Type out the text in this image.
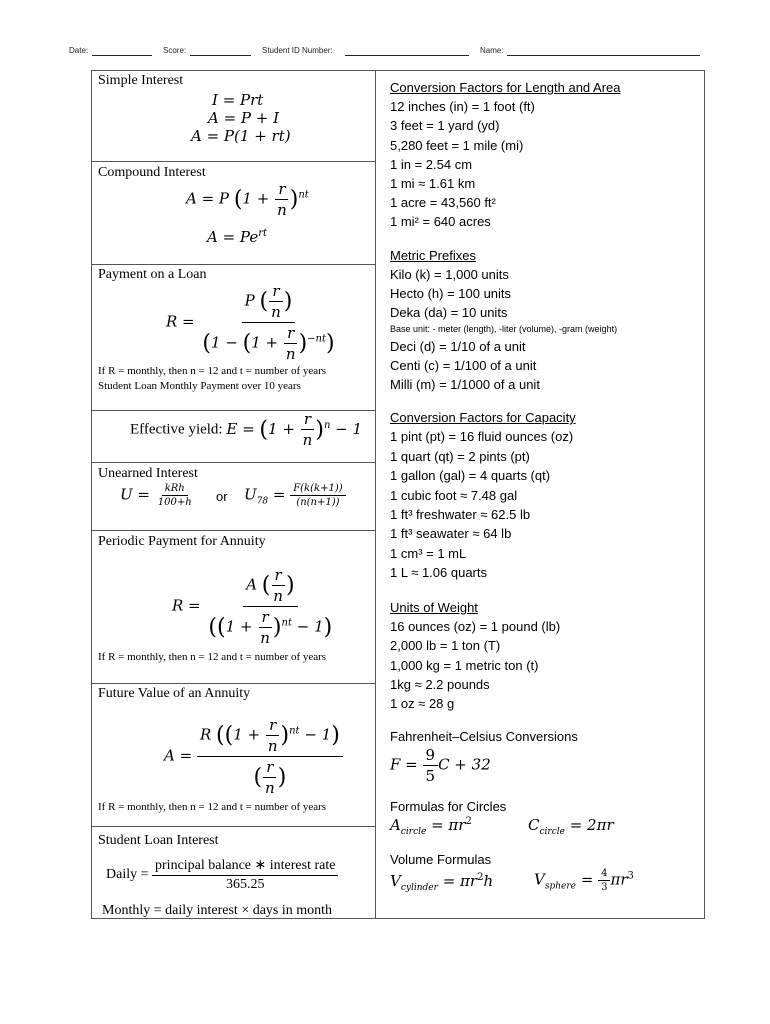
Date:	Score:	Student ID Number:	Name:
Simple Interest
I = Prt
A = P + I
A = P(1 + rt)
Compound Interest
A = P $(1 + \frac{r}{n} )^{nt}$
$A = Pe^{rt}$
Payment on a Loan
$R = \frac{P ( \frac{r}{n} )}{(1 - (1 + \frac{r}{n} )^{-nt})}$
If R = monthly, then n = 12 and t = number of years
Student Loan Monthly Payment over 10 years
Effective yield: $E = (1 + \frac{r}{n} )^n - 1$
Unearned Interest
$U = \frac{\text{kRh}}{100+h}$ or $U_{78} = \frac{F(k(k+1))}{(n(n+1))}$
Periodic Payment for Annuity
$R = \frac{A ( \frac{r}{n} )}{((1 + \frac{r}{n} )^{nt} - 1)}$
If R = monthly, then n = 12 and t = number of years
Future Value of an Annuity
$A = \frac{R ((1 + \frac{r}{n} )^{nt} - 1)}{( \frac{r}{n} )}$
If R = monthly, then n = 12 and t = number of years
Student Loan Interest
Daily = $\frac{\text{principal balance ∗ interest rate}}{365.25}$
Monthly = daily interest × days in month
Conversion Factors for Length and Area
12 inches (in) = 1 foot (ft)
3 feet = 1 yard (yd)
5,280 feet = 1 mile (mi)
1 in = 2.54 cm
1 mi ≈ 1.61 km
1 acre = 43,560 ft²
1 mi² = 640 acres
Metric Prefixes
Kilo (k) = 1,000 units
Hecto (h) = 100 units
Deka (da) = 10 units
Base unit: - meter (length), -liter (volume), -gram (weight)
Deci (d) = 1/10 of a unit
Centi (c) = 1/100 of a unit
Milli (m) = 1/1000 of a unit
Conversion Factors for Capacity
1 pint (pt) = 16 fluid ounces (oz)
1 quart (qt) = 2 pints (pt)
1 gallon (gal) = 4 quarts (qt)
1 cubic foot ≈ 7.48 gal
1 ft³ freshwater ≈ 62.5 lb
1 ft³ seawater ≈ 64 lb
1 cm³ = 1 mL
1 L ≈ 1.06 quarts
Units of Weight
16 ounces (oz) = 1 pound (lb)
2,000 lb = 1 ton (T)
1,000 kg = 1 metric ton (t)
1kg ≈ 2.2 pounds
1 oz ≈ 28 g
Fahrenheit–Celsius Conversions
$F = \frac{9}{5}$ C + 32
Formulas for Circles
$A_{circle} = \pi r^2$	$C_{circle} = 2\pi r$
Volume Formulas
$V_{cylinder} = \pi r^2h$	$V_{sphere} = \frac{4}{3} \pi r^3$
